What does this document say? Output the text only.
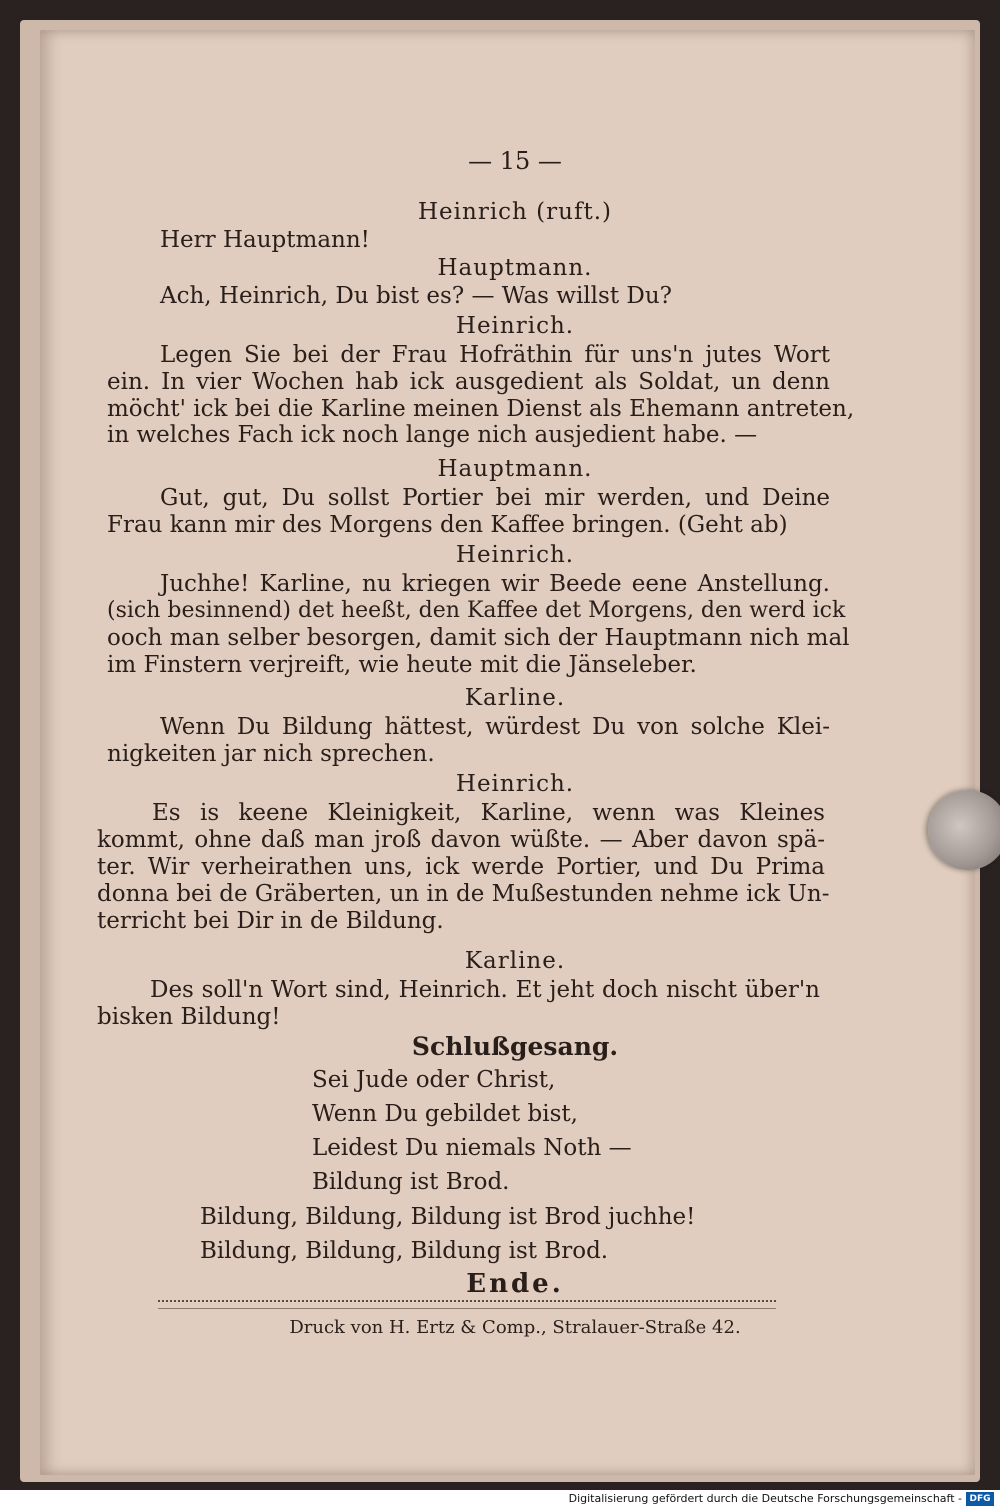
— 15 —
Heinrich (ruft.)
Herr Hauptmann!
Hauptmann.
Ach, Heinrich, Du bist es? — Was willst Du?
Heinrich.
Legen Sie bei der Frau Hofräthin für uns'n jutes Wort
ein. In vier Wochen hab ick ausgedient als Soldat, un denn
möcht' ick bei die Karline meinen Dienst als Ehemann antreten,
in welches Fach ick noch lange nich ausjedient habe. —
Hauptmann.
Gut, gut, Du sollst Portier bei mir werden, und Deine
Frau kann mir des Morgens den Kaffee bringen. (Geht ab)
Heinrich.
Juchhe! Karline, nu kriegen wir Beede eene Anstellung.
(sich besinnend) det heeßt, den Kaffee det Morgens, den werd ick
ooch man selber besorgen, damit sich der Hauptmann nich mal
im Finstern verjreift, wie heute mit die Jänseleber.
Karline.
Wenn Du Bildung hättest, würdest Du von solche Klei-
nigkeiten jar nich sprechen.
Heinrich.
Es is keene Kleinigkeit, Karline, wenn was Kleines
kommt, ohne daß man jroß davon wüßte. — Aber davon spä-
ter. Wir verheirathen uns, ick werde Portier, und Du Prima
donna bei de Gräberten, un in de Mußestunden nehme ick Un-
terricht bei Dir in de Bildung.
Karline.
Des soll'n Wort sind, Heinrich. Et jeht doch nischt über'n
bisken Bildung!
Schlußgesang.
Sei Jude oder Christ,
Wenn Du gebildet bist,
Leidest Du niemals Noth —
Bildung ist Brod.
Bildung, Bildung, Bildung ist Brod juchhe!
Bildung, Bildung, Bildung ist Brod.
Ende.
Druck von H. Ertz & Comp., Stralauer-Straße 42.
Digitalisierung gefördert durch die Deutsche Forschungsgemeinschaft - DFG
